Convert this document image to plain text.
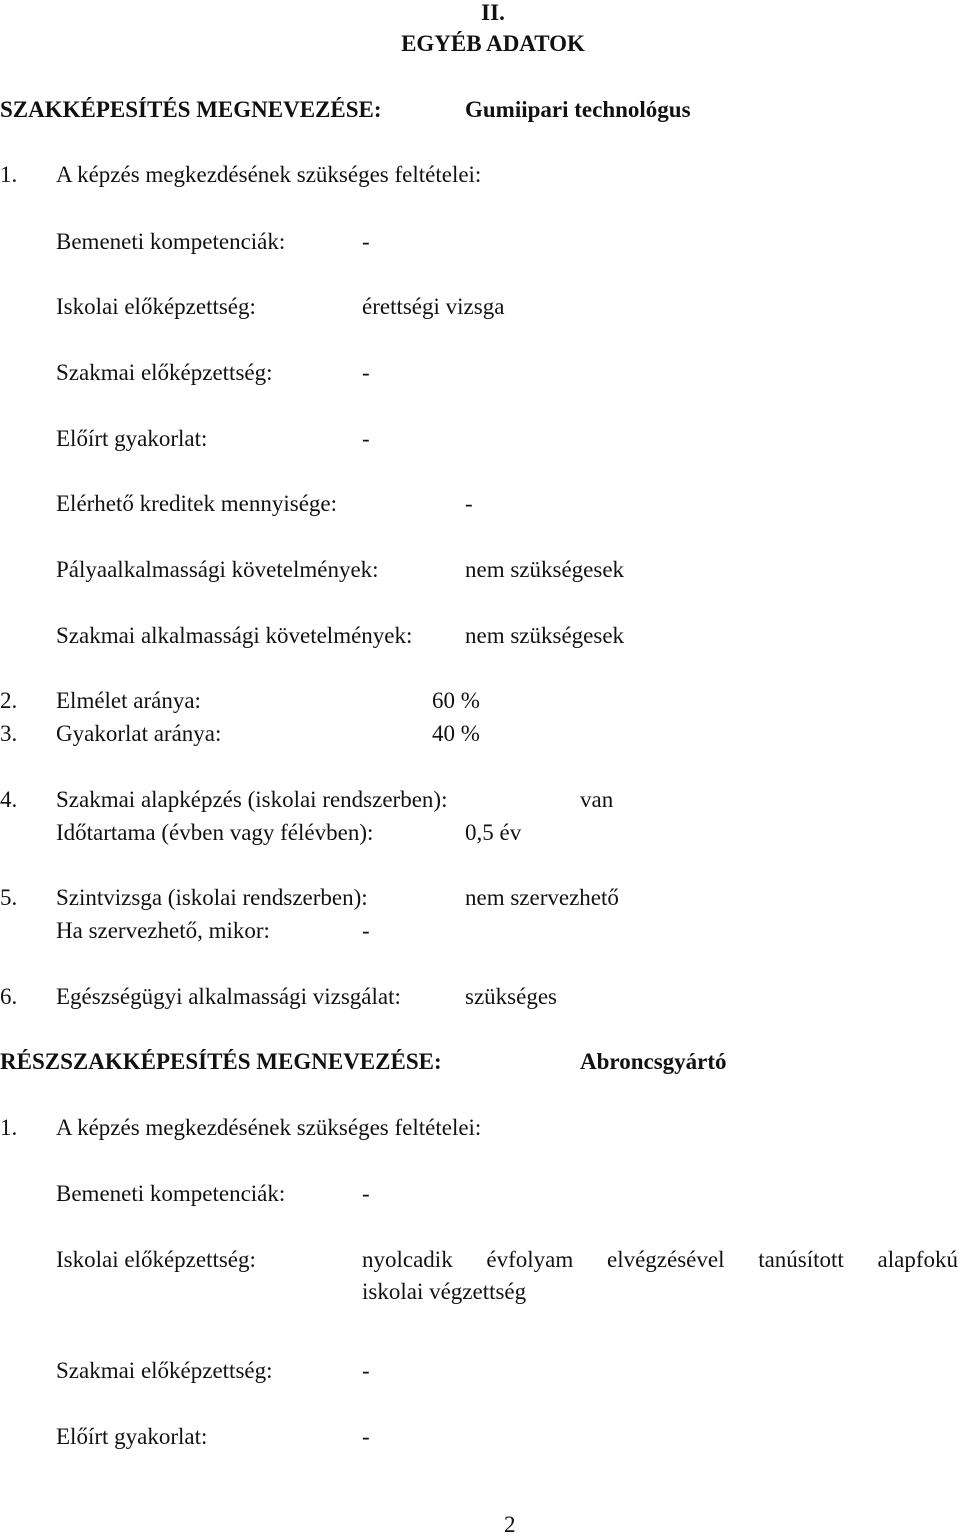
II.
EGYÉB ADATOK
SZAKKÉPESÍTÉS MEGNEVEZÉSE:	Gumiipari technológus
1. A képzés megkezdésének szükséges feltételei:
Bemeneti kompetenciák:	-
Iskolai előképzettség:	érettségi vizsga
Szakmai előképzettség:	-
Előírt gyakorlat:	-
Elérhető kreditek mennyisége:	-
Pályaalkalmassági követelmények:	nem szükségesek
Szakmai alkalmassági követelmények: nem szükségesek
2. Elmélet aránya:	60 %
3. Gyakorlat aránya:	40 %
4. Szakmai alapképzés (iskolai rendszerben):	van
Időtartama (évben vagy félévben):	0,5 év
5. Szintvizsga (iskolai rendszerben):	nem szervezhető
Ha szervezhető, mikor:	-
6. Egészségügyi alkalmassági vizsgálat:	szükséges
RÉSZSZAKKÉPESÍTÉS MEGNEVEZÉSE:	Abroncsgyártó
1. A képzés megkezdésének szükséges feltételei:
Bemeneti kompetenciák:	-
Iskolai előképzettség:	nyolcadik évfolyam elvégzésével tanúsított alapfokú
iskolai végzettség
Szakmai előképzettség:	-
Előírt gyakorlat:	-
2
